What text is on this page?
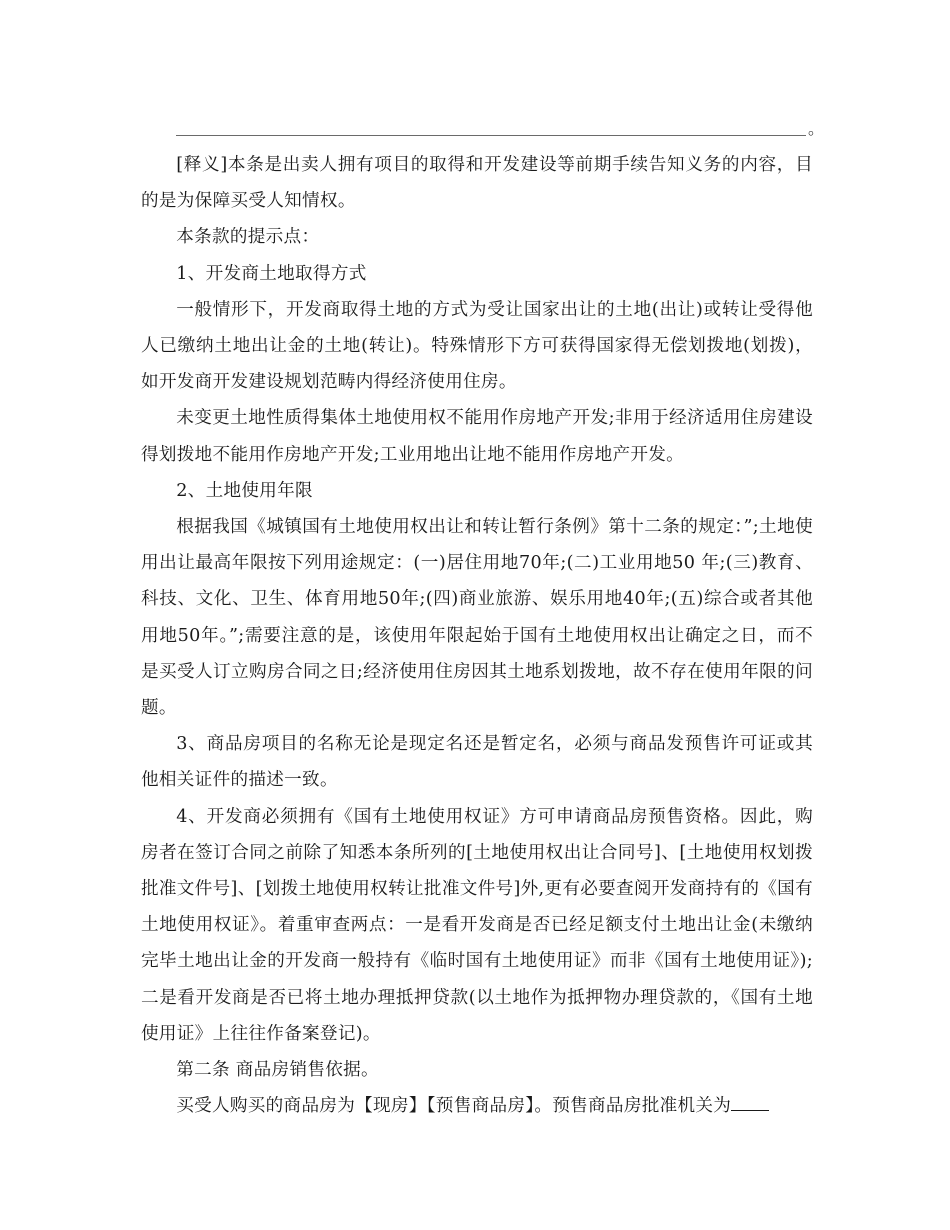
。

[释义]本条是出卖人拥有项目的取得和开发建设等前期手续告知义务的内容，目的是为保障买受人知情权。

本条款的提示点：

1、开发商土地取得方式

一般情形下，开发商取得土地的方式为受让国家出让的土地(出让)或转让受得他人已缴纳土地出让金的土地(转让)。特殊情形下方可获得国家得无偿划拨地(划拨)，如开发商开发建设规划范畴内得经济使用住房。

未变更土地性质得集体土地使用权不能用作房地产开发;非用于经济适用住房建设得划拨地不能用作房地产开发;工业用地出让地不能用作房地产开发。

2、土地使用年限

根据我国《城镇国有土地使用权出让和转让暂行条例》第十二条的规定：”;土地使用出让最高年限按下列用途规定：(一)居住用地70年;(二)工业用地50 年;(三)教育、科技、文化、卫生、体育用地50年;(四)商业旅游、娱乐用地40年;(五)综合或者其他用地50年。”;需要注意的是，该使用年限起始于国有土地使用权出让确定之日，而不是买受人订立购房合同之日;经济使用住房因其土地系划拨地，故不存在使用年限的问题。

3、商品房项目的名称无论是现定名还是暂定名，必须与商品发预售许可证或其他相关证件的描述一致。

4、开发商必须拥有《国有土地使用权证》方可申请商品房预售资格。因此，购房者在签订合同之前除了知悉本条所列的[土地使用权出让合同号]、[土地使用权划拨批准文件号]、[划拨土地使用权转让批准文件号]外,更有必要查阅开发商持有的《国有土地使用权证》。着重审查两点：一是看开发商是否已经足额支付土地出让金(未缴纳完毕土地出让金的开发商一般持有《临时国有土地使用证》而非《国有土地使用证》);二是看开发商是否已将土地办理抵押贷款(以土地作为抵押物办理贷款的，《国有土地使用证》上往往作备案登记)。

第二条 商品房销售依据。

买受人购买的商品房为【现房】【预售商品房】。预售商品房批准机关为
